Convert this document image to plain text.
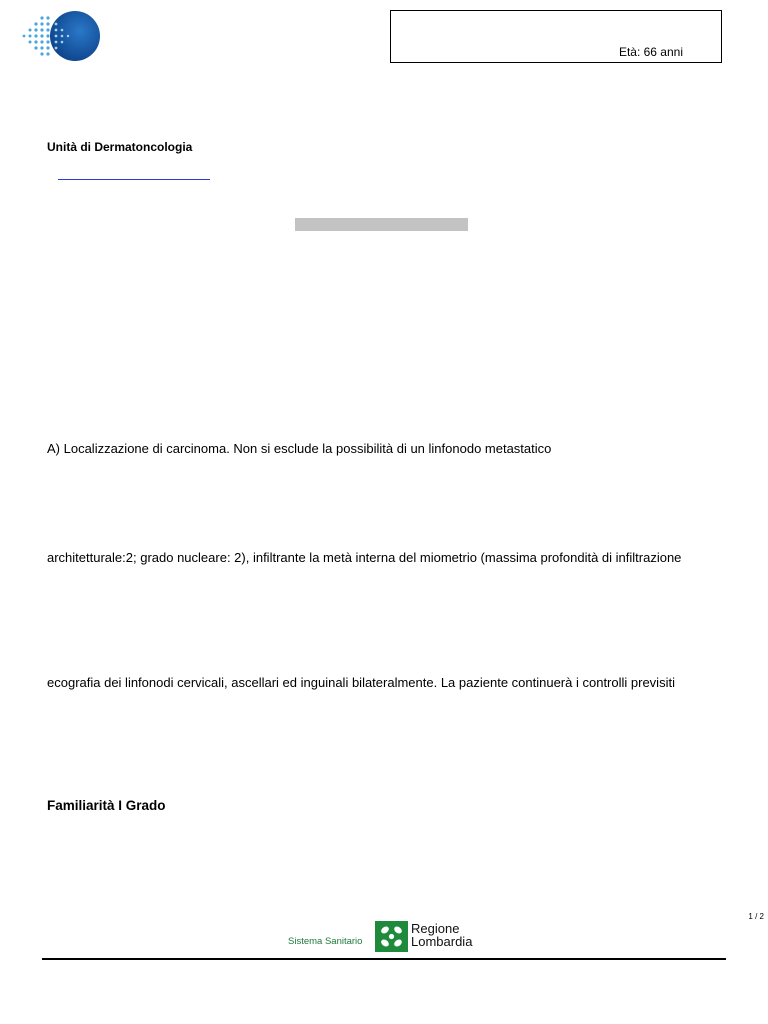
Età: 66 anni
Unità di Dermatoncologia
A) Localizzazione di carcinoma. Non si esclude la possibilità di un linfonodo metastatico
architetturale:2; grado nucleare: 2), infiltrante la metà interna del miometrio (massima profondità di infiltrazione
ecografia dei linfonodi cervicali, ascellari ed inguinali bilateralmente. La paziente continuerà i controlli previsiti
Familiarità I Grado
1 / 2
Sistema Sanitario
Regione
Lombardia
